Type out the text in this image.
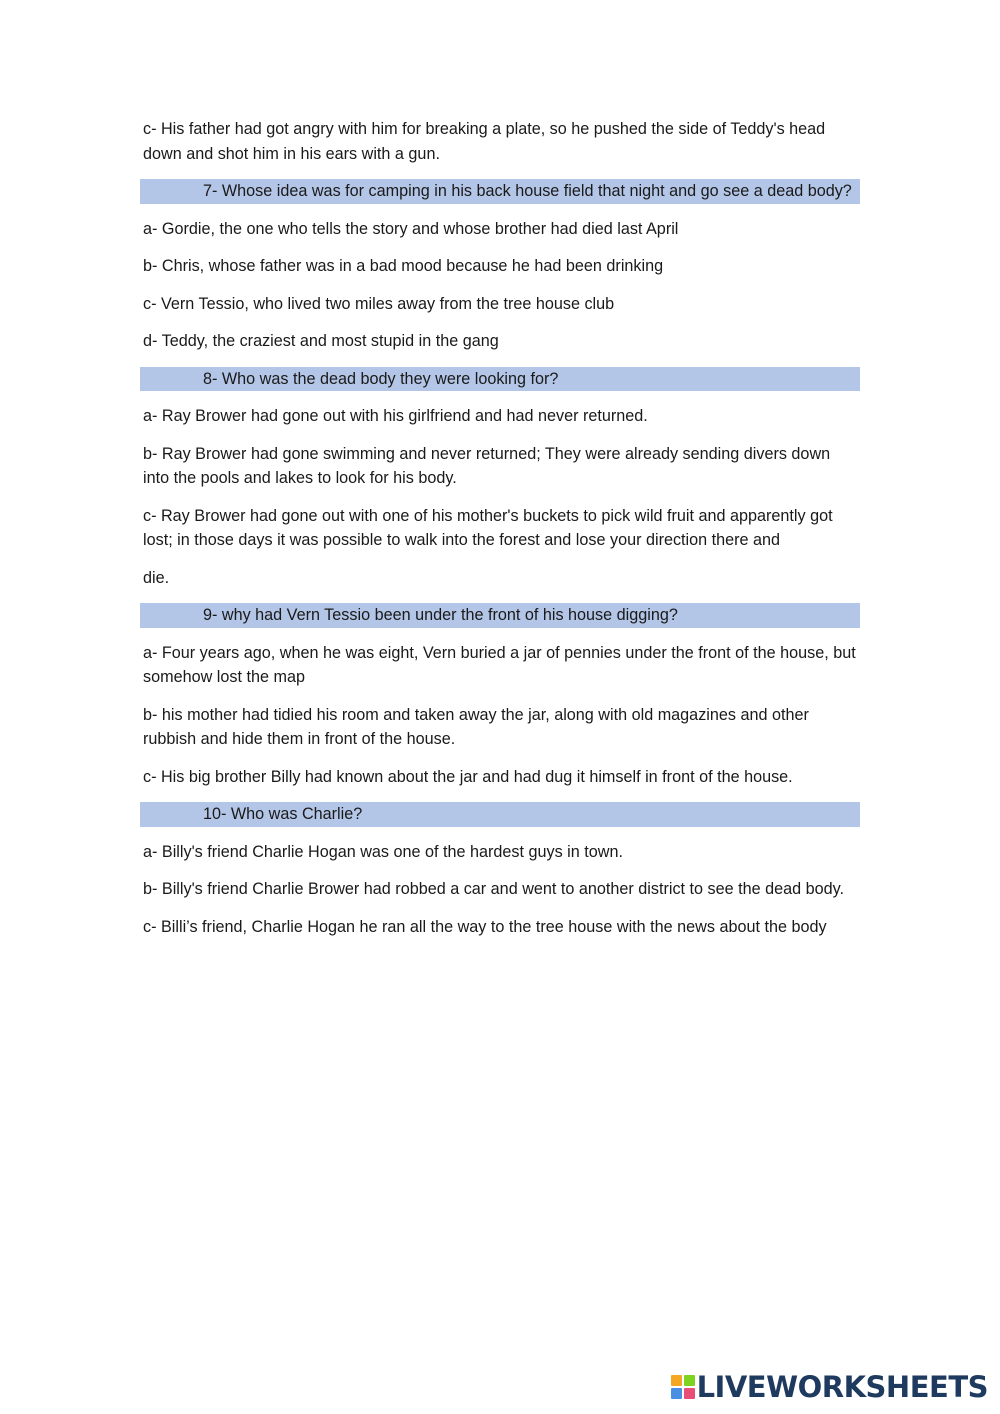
c- His father had got angry with him for breaking a plate, so he pushed the side of Teddy's head down and shot him in his ears with a gun.

7- Whose idea was for camping in his back house field that night and go see a dead body?

a- Gordie, the one who tells the story and whose brother had died last April

b- Chris, whose father was in a bad mood because he had been drinking

c- Vern Tessio, who lived two miles away from the tree house club

d- Teddy, the craziest and most stupid in the gang

8- Who was the dead body they were looking for?

a- Ray Brower had gone out with his girlfriend and had never returned.

b- Ray Brower had gone swimming and never returned; They were already sending divers down into the pools and lakes to look for his body.

c- Ray Brower had gone out with one of his mother's buckets to pick wild fruit and apparently got lost; in those days it was possible to walk into the forest and lose your direction there and

die.

9- why had Vern Tessio been under the front of his house digging?

a- Four years ago, when he was eight, Vern buried a jar of pennies under the front of the house, but somehow lost the map

b- his mother had tidied his room and taken away the jar, along with old magazines and other rubbish and hide them in front of the house.

c- His big brother Billy had known about the jar and had dug it himself in front of the house.

10- Who was Charlie?

a- Billy's friend Charlie Hogan was one of the hardest guys in town.

b- Billy's friend Charlie Brower had robbed a car and went to another district to see the dead body.

c- Billi’s friend, Charlie Hogan he ran all the way to the tree house with the news about the body

LIVEWORKSHEETS
